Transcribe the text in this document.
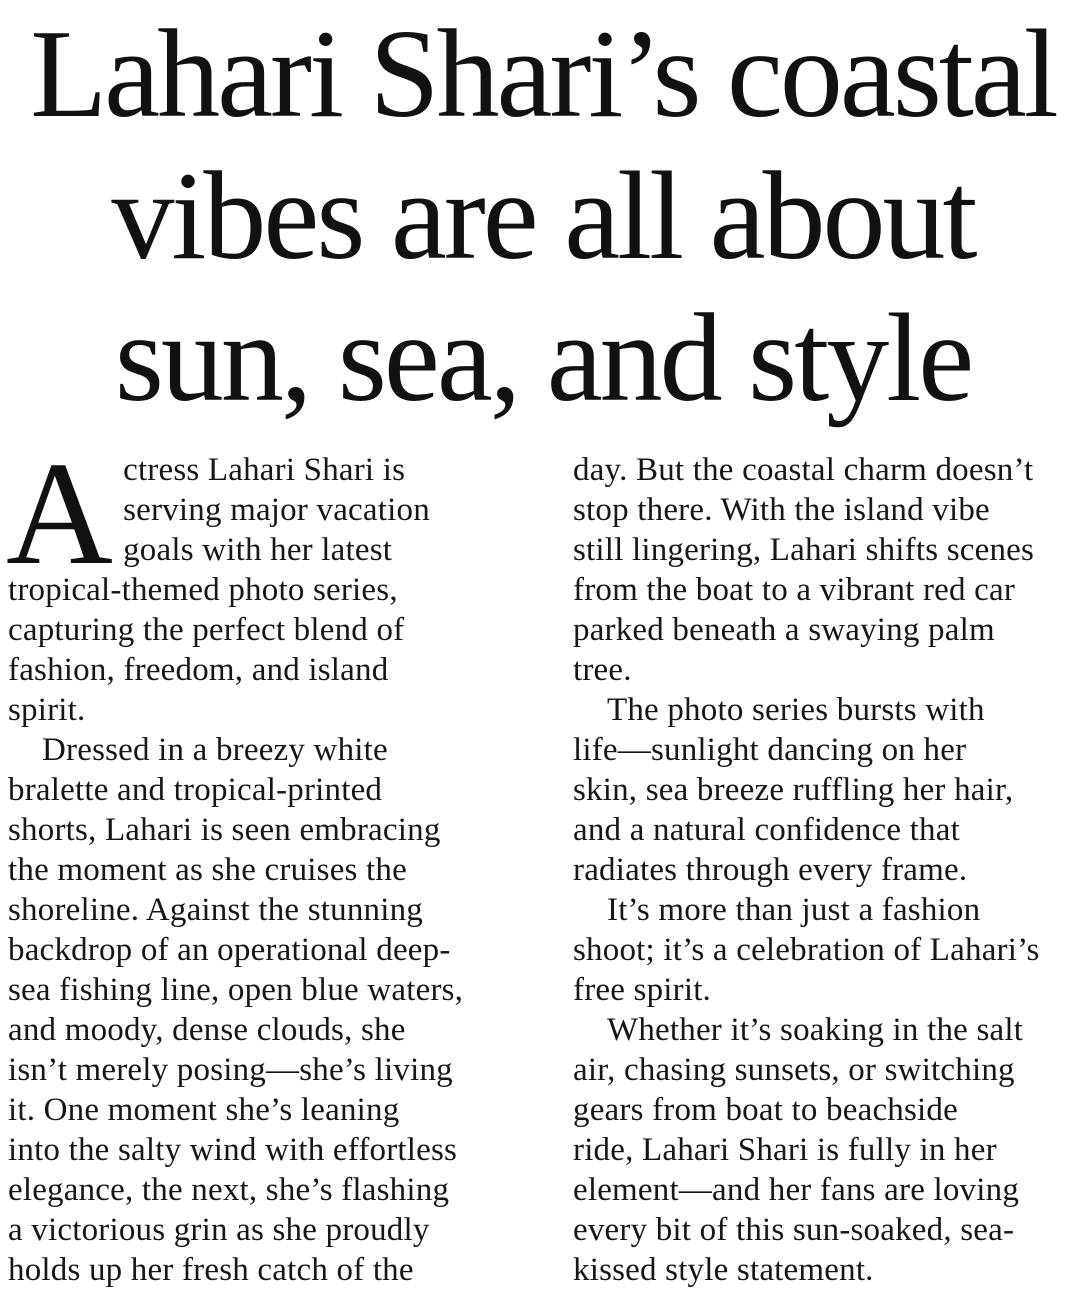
Lahari Shari’s coastal
vibes are all about
sun, sea, and style

A ctress Lahari Shari is
serving major vacation
goals with her latest
tropical-themed photo series,
capturing the perfect blend of
fashion, freedom, and island
spirit.

Dressed in a breezy white
bralette and tropical-printed
shorts, Lahari is seen embracing
the moment as she cruises the
shoreline. Against the stunning
backdrop of an operational deep-
sea fishing line, open blue waters,
and moody, dense clouds, she
isn’t merely posing—she’s living
it. One moment she’s leaning
into the salty wind with effortless
elegance, the next, she’s flashing
a victorious grin as she proudly
holds up her fresh catch of the

day. But the coastal charm doesn’t
stop there. With the island vibe
still lingering, Lahari shifts scenes
from the boat to a vibrant red car
parked beneath a swaying palm
tree.

The photo series bursts with
life—sunlight dancing on her
skin, sea breeze ruffling her hair,
and a natural confidence that
radiates through every frame.

It’s more than just a fashion
shoot; it’s a celebration of Lahari’s
free spirit.

Whether it’s soaking in the salt
air, chasing sunsets, or switching
gears from boat to beachside
ride, Lahari Shari is fully in her
element—and her fans are loving
every bit of this sun-soaked, sea-
kissed style statement.
